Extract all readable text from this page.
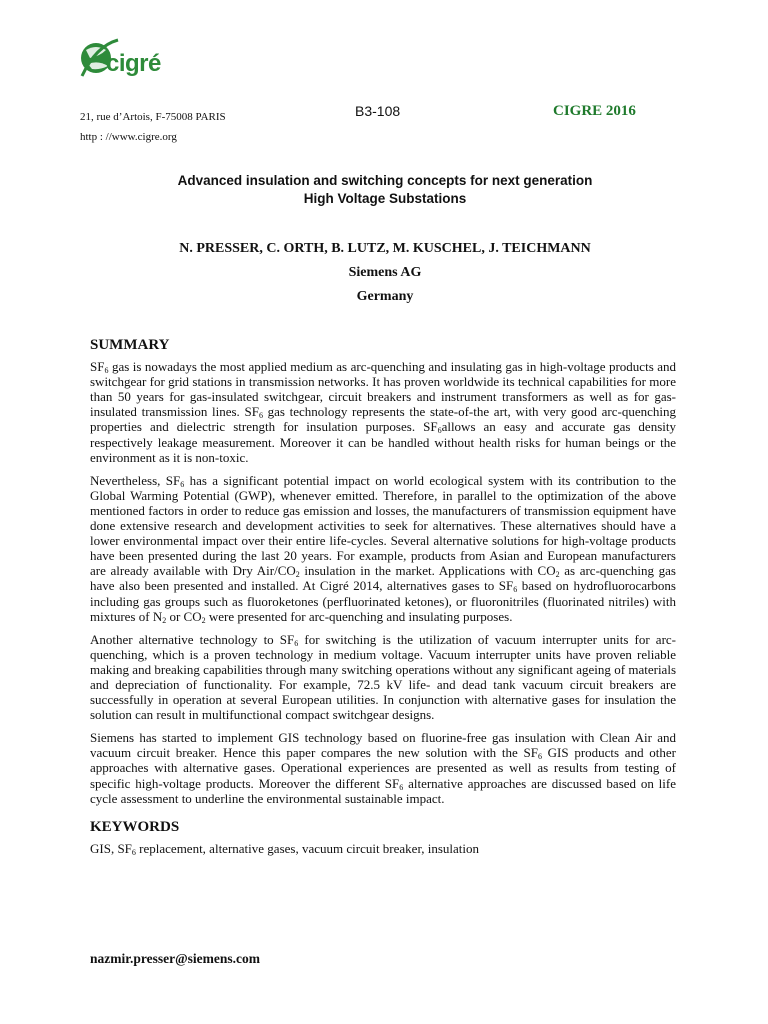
cigré
21, rue d’Artois, F-75008 PARIS
http : //www.cigre.org
B3-108	CIGRE 2016
Advanced insulation and switching concepts for next generation
High Voltage Substations
N. PRESSER, C. ORTH, B. LUTZ, M. KUSCHEL, J. TEICHMANN
Siemens AG
Germany
SUMMARY

$SF_6$ gas is nowadays the most applied medium as arc-quenching and insulating gas in high-voltage products and switchgear for grid stations in transmission networks. It has proven worldwide its technical capabilities for more than 50 years for gas-insulated switchgear, circuit breakers and instrument transformers as well as for gas-insulated transmission lines. $SF_6$ gas technology represents the state-of-the art, with very good arc-quenching properties and dielectric strength for insulation purposes. $SF_6allows$ an easy and accurate gas density respectively leakage measurement. Moreover it can be handled without health risks for human beings or the environment as it is non-toxic.

Nevertheless, $SF_6$ has a significant potential impact on world ecological system with its contribution to the Global Warming Potential (GWP), whenever emitted. Therefore, in parallel to the optimization of the above mentioned factors in order to reduce gas emission and losses, the manufacturers of transmission equipment have done extensive research and development activities to seek for alternatives. These alternatives should have a lower environmental impact over their entire life-cycles. Several alternative solutions for high-voltage products have been presented during the last 20 years. For example, products from Asian and European manufacturers are already available with Dry Air/$CO_2$ insulation in the market. Applications with $CO_2$ as arc-quenching gas have also been presented and installed. At Cigré 2014, alternatives gases to $SF_6$ based on hydrofluorocarbons including gas groups such as fluoroketones (perfluorinated ketones), or fluoronitriles (fluorinated nitriles) with mixtures of $N_2$ or $CO_2$ were presented for arc-quenching and insulating purposes.

Another alternative technology to $SF_6$ for switching is the utilization of vacuum interrupter units for arc-quenching, which is a proven technology in medium voltage. Vacuum interrupter units have proven reliable making and breaking capabilities through many switching operations without any significant ageing of materials and depreciation of functionality. For example, 72.5 kV life- and dead tank vacuum circuit breakers are successfully in operation at several European utilities. In conjunction with alternative gases for insulation the solution can result in multifunctional compact switchgear designs.

Siemens has started to implement GIS technology based on fluorine-free gas insulation with Clean Air and vacuum circuit breaker. Hence this paper compares the new solution with the $SF_6$ GIS products and other approaches with alternative gases. Operational experiences are presented as well as results from testing of specific high-voltage products. Moreover the different $SF_6$ alternative approaches are discussed based on life cycle assessment to underline the environmental sustainable impact.

KEYWORDS

GIS, $SF_6$ replacement, alternative gases, vacuum circuit breaker, insulation

nazmir.presser@siemens.com
